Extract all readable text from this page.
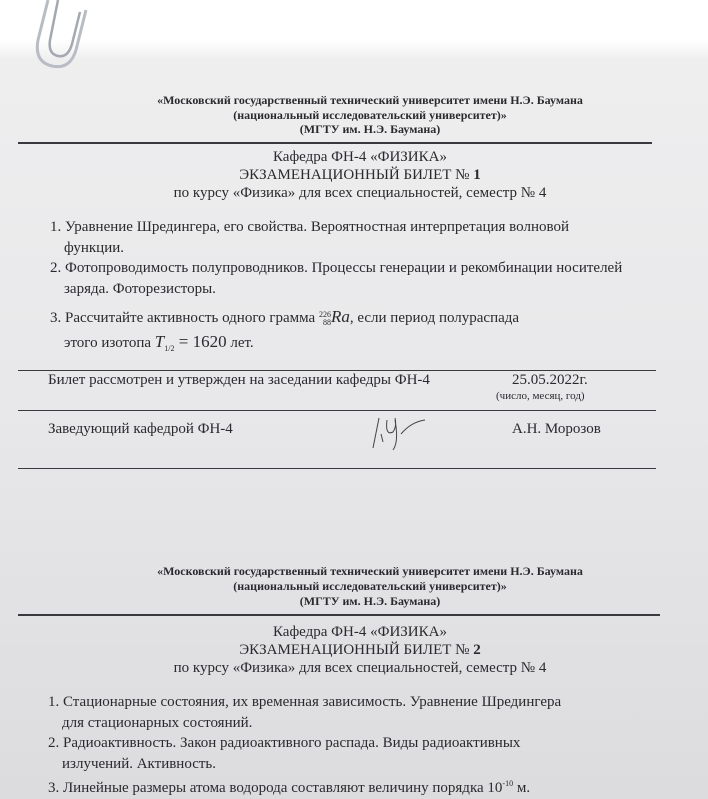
«Московский государственный технический университет имени Н.Э. Баумана
(национальный исследовательский университет)»
(МГТУ им. Н.Э. Баумана)
Кафедра ФН-4 «ФИЗИКА»
ЭКЗАМЕНАЦИОННЫЙ БИЛЕТ № 1
по курсу «Физика» для всех специальностей, семестр № 4
1. Уравнение Шредингера, его свойства. Вероятностная интерпретация волновой
функции.
2. Фотопроводимость полупроводников. Процессы генерации и рекомбинации носителей
заряда. Фоторезисторы.
3. Рассчитайте активность одного грамма 226
88Ra, если период полураспада
этого изотопа $T_{1/2} = 1620$ лет.
Билет рассмотрен и утвержден на заседании кафедры ФН-4	25.05.2022г.
(число, месяц, год)
Заведующий кафедрой ФН-4	А.Н. Морозов
«Московский государственный технический университет имени Н.Э. Баумана
(национальный исследовательский университет)»
(МГТУ им. Н.Э. Баумана)
Кафедра ФН-4 «ФИЗИКА»
ЭКЗАМЕНАЦИОННЫЙ БИЛЕТ № 2
по курсу «Физика» для всех специальностей, семестр № 4
1. Стационарные состояния, их временная зависимость. Уравнение Шредингера
для стационарных состояний.
2. Радиоактивность. Закон радиоактивного распада. Виды радиоактивных
излучений. Активность.
3. Линейные размеры атома водорода составляют величину порядка $10^{-10}$ м.
